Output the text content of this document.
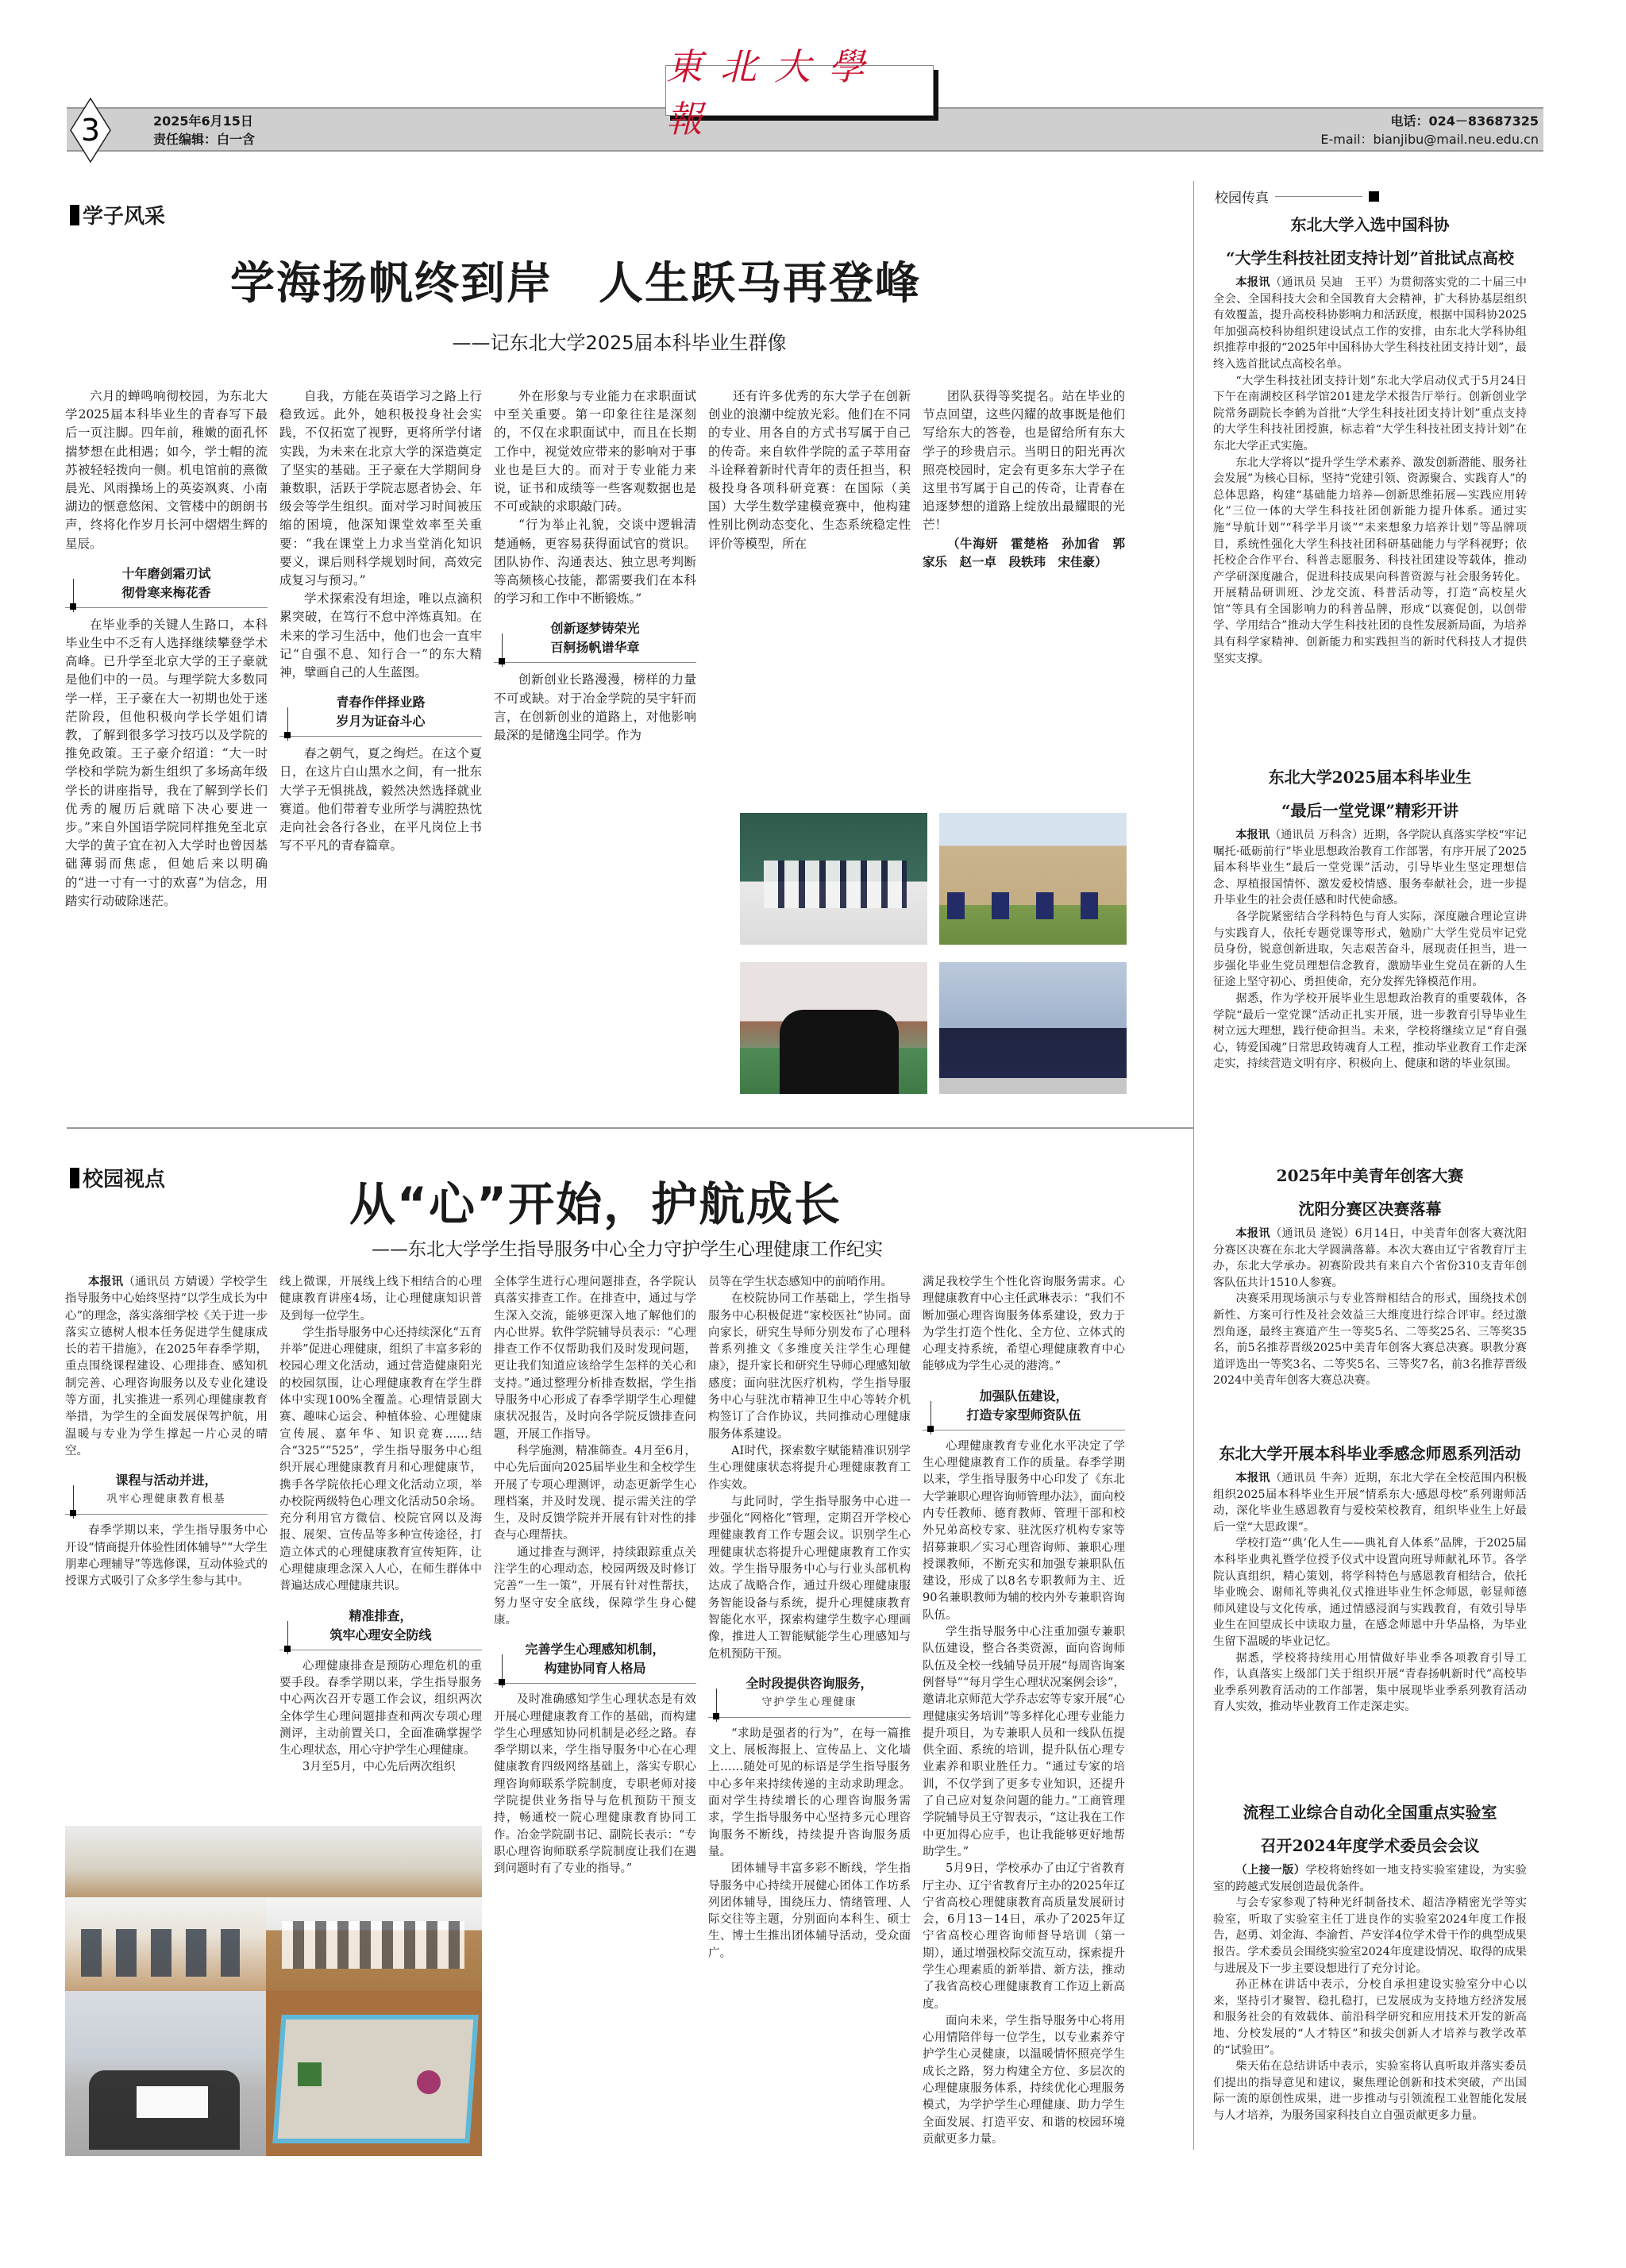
東北大學報
3	2025年6月15日
责任编辑：白一含
电话：024－83687325
E-mail：bianjibu@mail.neu.edu.cn
学子风采
学海扬帆终到岸　人生跃马再登峰
——记东北大学2025届本科毕业生群像

六月的蝉鸣响彻校园，为东北大学2025届本科毕业生的青春写下最后一页注脚。四年前，稚嫩的面孔怀揣梦想在此相遇；如今，学士帽的流苏被轻轻拨向一侧。机电馆前的熹微晨光、风雨操场上的英姿飒爽、小南湖边的惬意悠闲、文管楼中的朗朗书声，终将化作岁月长河中熠熠生辉的星辰。

十年磨剑霜刃试
彻骨寒来梅花香

在毕业季的关键人生路口，本科毕业生中不乏有人选择继续攀登学术高峰。已升学至北京大学的王子豪就是他们中的一员。与理学院大多数同学一样，王子豪在大一初期也处于迷茫阶段，但他积极向学长学姐们请教，了解到很多学习技巧以及学院的推免政策。王子豪介绍道：“大一时学校和学院为新生组织了多场高年级学长的讲座指导，我在了解到学长们优秀的履历后就暗下决心要进一步。”来自外国语学院同样推免至北京大学的黄子宜在初入大学时也曾因基础薄弱而焦虑，但她后来以明确的“进一寸有一寸的欢喜”为信念，用踏实行动破除迷茫。

自我，方能在英语学习之路上行稳致远。此外，她积极投身社会实践，不仅拓宽了视野，更将所学付诸实践，为未来在北京大学的深造奠定了坚实的基础。王子豪在大学期间身兼数职，活跃于学院志愿者协会、年级会等学生组织。面对学习时间被压缩的困境，他深知课堂效率至关重要：“我在课堂上力求当堂消化知识要义，课后则科学规划时间，高效完成复习与预习。”

学术探索没有坦途，唯以点滴积累突破，在笃行不怠中淬炼真知。在未来的学习生活中，他们也会一直牢记“自强不息、知行合一”的东大精神，擘画自己的人生蓝图。

青春作伴择业路
岁月为证奋斗心

春之朝气，夏之绚烂。在这个夏日，在这片白山黑水之间，有一批东大学子无惧挑战，毅然决然选择就业赛道。他们带着专业所学与满腔热忱走向社会各行各业，在平凡岗位上书写不平凡的青春篇章。

外在形象与专业能力在求职面试中至关重要。第一印象往往是深刻的，不仅在求职面试中，而且在长期工作中，视觉效应带来的影响对于事业也是巨大的。而对于专业能力来说，证书和成绩等一些客观数据也是不可或缺的求职敲门砖。

“行为举止礼貌，交谈中逻辑清楚通畅，更容易获得面试官的赏识。团队协作、沟通表达、独立思考判断等高频核心技能，都需要我们在本科的学习和工作中不断锻炼。”

创新逐梦铸荣光
百舸扬帆谱华章

创新创业长路漫漫，榜样的力量不可或缺。对于冶金学院的吴宇轩而言，在创新创业的道路上，对他影响最深的是储逸尘同学。作为

还有许多优秀的东大学子在创新创业的浪潮中绽放光彩。他们在不同的专业、用各自的方式书写属于自己的传奇。来自软件学院的孟子萃用奋斗诠释着新时代青年的责任担当，积极投身各项科研竞赛：在国际（美国）大学生数学建模竞赛中，他构建性别比例动态变化、生态系统稳定性评价等模型，所在

团队获得等奖提名。站在毕业的节点回望，这些闪耀的故事既是他们写给东大的答卷，也是留给所有东大学子的珍贵启示。当明日的阳光再次照亮校园时，定会有更多东大学子在这里书写属于自己的传奇，让青春在追逐梦想的道路上绽放出最耀眼的光芒！

（牛海妍　霍楚格　孙加省　郭家乐　赵一卓　段轶玮　宋佳豪）

校园视点	从“心”开始，护航成长
——东北大学学生指导服务中心全力守护学生心理健康工作纪实

本报讯（通讯员 方婧谖）学校学生指导服务中心始终坚持“以学生成长为中心”的理念，落实落细学校《关于进一步落实立德树人根本任务促进学生健康成长的若干措施》，在2025年春季学期，重点围绕课程建设、心理排查、感知机制完善、心理咨询服务以及专业化建设等方面，扎实推进一系列心理健康教育举措，为学生的全面发展保驾护航，用温暖与专业为学生撑起一片心灵的晴空。

课程与活动并进，
巩牢心理健康教育根基

春季学期以来，学生指导服务中心开设“情商提升体验性团体辅导”“大学生朋辈心理辅导”等选修课，互动体验式的授课方式吸引了众多学生参与其中。

线上微课，开展线上线下相结合的心理健康教育讲座4场，让心理健康知识普及到每一位学生。

学生指导服务中心还持续深化“五育并举”促进心理健康，组织了丰富多彩的校园心理文化活动，通过营造健康阳光的校园氛围，让心理健康教育在学生群体中实现100%全覆盖。心理情景剧大赛、趣味心运会、种植体验、心理健康宣传展、嘉年华、知识竞赛……结合“325”“525”，学生指导服务中心组织开展心理健康教育月和心理健康节，携手各学院依托心理文化活动立项，举办校院两级特色心理文化活动50余场。充分利用官方微信、校院官网以及海报、展架、宣传品等多种宣传途径，打造立体式的心理健康教育宣传矩阵，让心理健康理念深入人心，在师生群体中普遍达成心理健康共识。

精准排查，
筑牢心理安全防线

心理健康排查是预防心理危机的重要手段。春季学期以来，学生指导服务中心两次召开专题工作会议，组织两次全体学生心理问题排查和两次专项心理测评，主动前置关口，全面准确掌握学生心理状态，用心守护学生心理健康。

3月至5月，中心先后两次组织

全体学生进行心理问题排查，各学院认真落实排查工作。在排查中，通过与学生深入交流，能够更深入地了解他们的内心世界。软件学院辅导员表示：“心理排查工作不仅帮助我们及时发现问题，更让我们知道应该给学生怎样的关心和支持。”通过整理分析排查数据，学生指导服务中心形成了春季学期学生心理健康状况报告，及时向各学院反馈排查问题，开展工作指导。

科学施测，精准筛查。4月至6月，中心先后面向2025届毕业生和全校学生开展了专项心理测评，动态更新学生心理档案，并及时发现、提示需关注的学生，及时反馈学院并开展有针对性的排查与心理帮扶。

通过排查与测评，持续跟踪重点关注学生的心理动态，校园两级及时修订完善“一生一策”，开展有针对性帮扶，努力坚守安全底线，保障学生身心健康。

完善学生心理感知机制，
构建协同育人格局

及时准确感知学生心理状态是有效开展心理健康教育工作的基础，而构建学生心理感知协同机制是必经之路。春季学期以来，学生指导服务中心在心理健康教育四级网络基础上，落实专职心理咨询师联系学院制度，专职老师对接学院提供业务指导与危机预防干预支持，畅通校一院心理健康教育协同工作。冶金学院副书记、副院长表示：“专职心理咨询师联系学院制度让我们在遇到问题时有了专业的指导。”

员等在学生状态感知中的前哨作用。

在校院协同工作基础上，学生指导服务中心积极促进“家校医社”协同。面向家长，研究生导师分别发布了心理科普系列推文《多维度关注学生心理健康》，提升家长和研究生导师心理感知敏感度；面向驻沈医疗机构，学生指导服务中心与驻沈市精神卫生中心等转介机构签订了合作协议，共同推动心理健康服务体系建设。

AI时代，探索数字赋能精准识别学生心理健康状态将提升心理健康教育工作实效。

与此同时，学生指导服务中心进一步强化“网格化”管理，定期召开学校心理健康教育工作专题会议。识别学生心理健康状态将提升心理健康教育工作实效。学生指导服务中心与行业头部机构达成了战略合作，通过升级心理健康服务智能设备与系统，提升心理健康教育智能化水平，探索构建学生数字心理画像，推进人工智能赋能学生心理感知与危机预防干预。

全时段提供咨询服务，
守护学生心理健康

“求助是强者的行为”，在每一篇推文上、展板海报上、宣传品上、文化墙上……随处可见的标语是学生指导服务中心多年来持续传递的主动求助理念。面对学生持续增长的心理咨询服务需求，学生指导服务中心坚持多元心理咨询服务不断线，持续提升咨询服务质量。

团体辅导丰富多彩不断线，学生指导服务中心持续开展健心团体工作坊系列团体辅导，围绕压力、情绪管理、人际交往等主题，分别面向本科生、硕士生、博士生推出团体辅导活动，受众面广。

满足我校学生个性化咨询服务需求。心理健康教育中心主任武琳表示：“我们不断加强心理咨询服务体系建设，致力于为学生打造个性化、全方位、立体式的心理支持系统，希望心理健康教育中心能够成为学生心灵的港湾。”

加强队伍建设，
打造专家型师资队伍

心理健康教育专业化水平决定了学生心理健康教育工作的质量。春季学期以来，学生指导服务中心印发了《东北大学兼职心理咨询师管理办法》，面向校内专任教师、德育教师、管理干部和校外兄弟高校专家、驻沈医疗机构专家等招募兼职／实习心理咨询师、兼职心理授课教师，不断充实和加强专兼职队伍建设，形成了以8名专职教师为主、近90名兼职教师为辅的校内外专兼职咨询队伍。

学生指导服务中心注重加强专兼职队伍建设，整合各类资源，面向咨询师队伍及全校一线辅导员开展“每周咨询案例督导”“每月学生心理状况案例会诊”，邀请北京师范大学乔志宏等专家开展“心理健康实务培训”等多样化心理专业能力提升项目，为专兼职人员和一线队伍提供全面、系统的培训，提升队伍心理专业素养和职业胜任力。“通过专家的培训，不仅学到了更多专业知识，还提升了自己应对复杂问题的能力。”工商管理学院辅导员王守智表示，“这让我在工作中更加得心应手，也让我能够更好地帮助学生。”

5月9日，学校承办了由辽宁省教育厅主办、辽宁省教育厅主办的2025年辽宁省高校心理健康教育高质量发展研讨会，6月13－14日，承办了2025年辽宁省高校心理咨询师督导培训（第一期），通过增强校际交流互动，探索提升学生心理素质的新举措、新方法，推动了我省高校心理健康教育工作迈上新高度。

面向未来，学生指导服务中心将用心用情陪伴每一位学生，以专业素养守护学生心灵健康，以温暖情怀照亮学生成长之路，努力构建全方位、多层次的心理健康服务体系，持续优化心理服务模式，为学护学生心理健康、助力学生全面发展、打造平安、和谐的校园环境贡献更多力量。

校园传真
东北大学入选中国科协
“大学生科技社团支持计划”首批试点高校

本报讯（通讯员 吴迪　王平）为贯彻落实党的二十届三中全会、全国科技大会和全国教育大会精神，扩大科协基层组织有效覆盖，提升高校科协影响力和活跃度，根据中国科协2025年加强高校科协组织建设试点工作的安排，由东北大学科协组织推荐申报的“2025年中国科协大学生科技社团支持计划”，最终入选首批试点高校名单。

“大学生科技社团支持计划”东北大学启动仪式于5月24日下午在南湖校区科学馆201建龙学术报告厅举行。创新创业学院常务副院长李鹤为首批“大学生科技社团支持计划”重点支持的大学生科技社团授旗，标志着“大学生科技社团支持计划”在东北大学正式实施。

东北大学将以“提升学生学术素养、激发创新潜能、服务社会发展”为核心目标，坚持“党建引领、资源聚合、实践育人”的总体思路，构建“基础能力培养—创新思维拓展—实践应用转化”三位一体的大学生科技社团创新能力提升体系。通过实施“导航计划”“科学半月谈”“未来想象力培养计划”等品牌项目，系统性强化大学生科技社团科研基础能力与学科视野；依托校企合作平台、科普志愿服务、科技社团建设等载体，推动产学研深度融合，促进科技成果向科普资源与社会服务转化。开展精品研训班、沙龙交流、科普活动等，打造“高校星火馆”等具有全国影响力的科普品牌，形成“以赛促创，以创带学、学用结合”推动大学生科技社团的良性发展新局面，为培养具有科学家精神、创新能力和实践担当的新时代科技人才提供坚实支撑。

东北大学2025届本科毕业生
“最后一堂党课”精彩开讲

本报讯（通讯员 万科含）近期，各学院认真落实学校“牢记嘱托·砥砺前行”毕业思想政治教育工作部署，有序开展了2025届本科毕业生“最后一堂党课”活动，引导毕业生坚定理想信念、厚植报国情怀、激发爱校情感、服务奉献社会，进一步提升毕业生的社会责任感和时代使命感。

各学院紧密结合学科特色与育人实际，深度融合理论宣讲与实践育人，依托专题党课等形式，勉励广大学生党员牢记党员身份，锐意创新进取，矢志艰苦奋斗，展现责任担当，进一步强化毕业生党员理想信念教育，激励毕业生党员在新的人生征途上坚守初心、勇担使命，充分发挥先锋模范作用。

据悉，作为学校开展毕业生思想政治教育的重要载体，各学院“最后一堂党课”活动正扎实开展，进一步教育引导毕业生树立远大理想，践行使命担当。未来，学校将继续立足“育自强心，铸爱国魂”日常思政铸魂育人工程，推动毕业教育工作走深走实，持续营造文明有序、积极向上、健康和谐的毕业氛围。

2025年中美青年创客大赛
沈阳分赛区决赛落幕

本报讯（通讯员 逄锐）6月14日，中美青年创客大赛沈阳分赛区决赛在东北大学圆满落幕。本次大赛由辽宁省教育厅主办，东北大学承办。初赛阶段共有来自六个省份310支青年创客队伍共计1510人参赛。

决赛采用现场演示与专业答辩相结合的形式，围绕技术创新性、方案可行性及社会效益三大维度进行综合评审。经过激烈角逐，最终主赛道产生一等奖5名、二等奖25名、三等奖35名，前5名推荐晋级2025中美青年创客大赛总决赛。职教分赛道评选出一等奖3名、二等奖5名、三等奖7名，前3名推荐晋级2024中美青年创客大赛总决赛。

东北大学开展本科毕业季感念师恩系列活动

本报讯（通讯员 牛奔）近期，东北大学在全校范围内积极组织2025届本科毕业生开展“情系东大·感恩母校”系列谢师活动，深化毕业生感恩教育与爱校荣校教育，组织毕业生上好最后一堂“大思政课”。

学校打造“‘典’化人生——典礼育人体系”品牌，于2025届本科毕业典礼暨学位授予仪式中设置向班导师献礼环节。各学院认真组织，精心策划，将学科特色与感恩教育相结合，依托毕业晚会、谢师礼等典礼仪式推进毕业生怀念师恩，彰显师德师风建设与文化传承，通过情感浸润与实践教育，有效引导毕业生在回望成长中读取力量，在感念师恩中升华品格，为毕业生留下温暖的毕业记忆。

据悉，学校将持续用心用情做好毕业季各项教育引导工作，认真落实上级部门关于组织开展“青春扬帆新时代”高校毕业季系列教育活动的工作部署，集中展现毕业季系列教育活动育人实效，推动毕业教育工作走深走实。

流程工业综合自动化全国重点实验室
召开2024年度学术委员会会议

（上接一版）学校将始终如一地支持实验室建设，为实验室的跨越式发展创造最优条件。

与会专家参观了特种光纤制备技术、超洁净精密光学等实验室，听取了实验室主任丁进良作的实验室2024年度工作报告，赵勇、刘金海、李渝哲、芦安洋4位学术骨干作的典型成果报告。学术委员会围绕实验室2024年度建设情况、取得的成果与进展及下一步主要设想进行了充分讨论。

孙正林在讲话中表示，分校自承担建设实验室分中心以来，坚持引才聚智、稳扎稳打，已发展成为支持地方经济发展和服务社会的有效载体、前沿科学研究和应用技术开发的新高地、分校发展的“人才特区”和拔尖创新人才培养与教学改革的“试验田”。

柴天佑在总结讲话中表示，实验室将认真听取并落实委员们提出的指导意见和建议，聚焦理论创新和技术突破，产出国际一流的原创性成果，进一步推动与引领流程工业智能化发展与人才培养，为服务国家科技自立自强贡献更多力量。
